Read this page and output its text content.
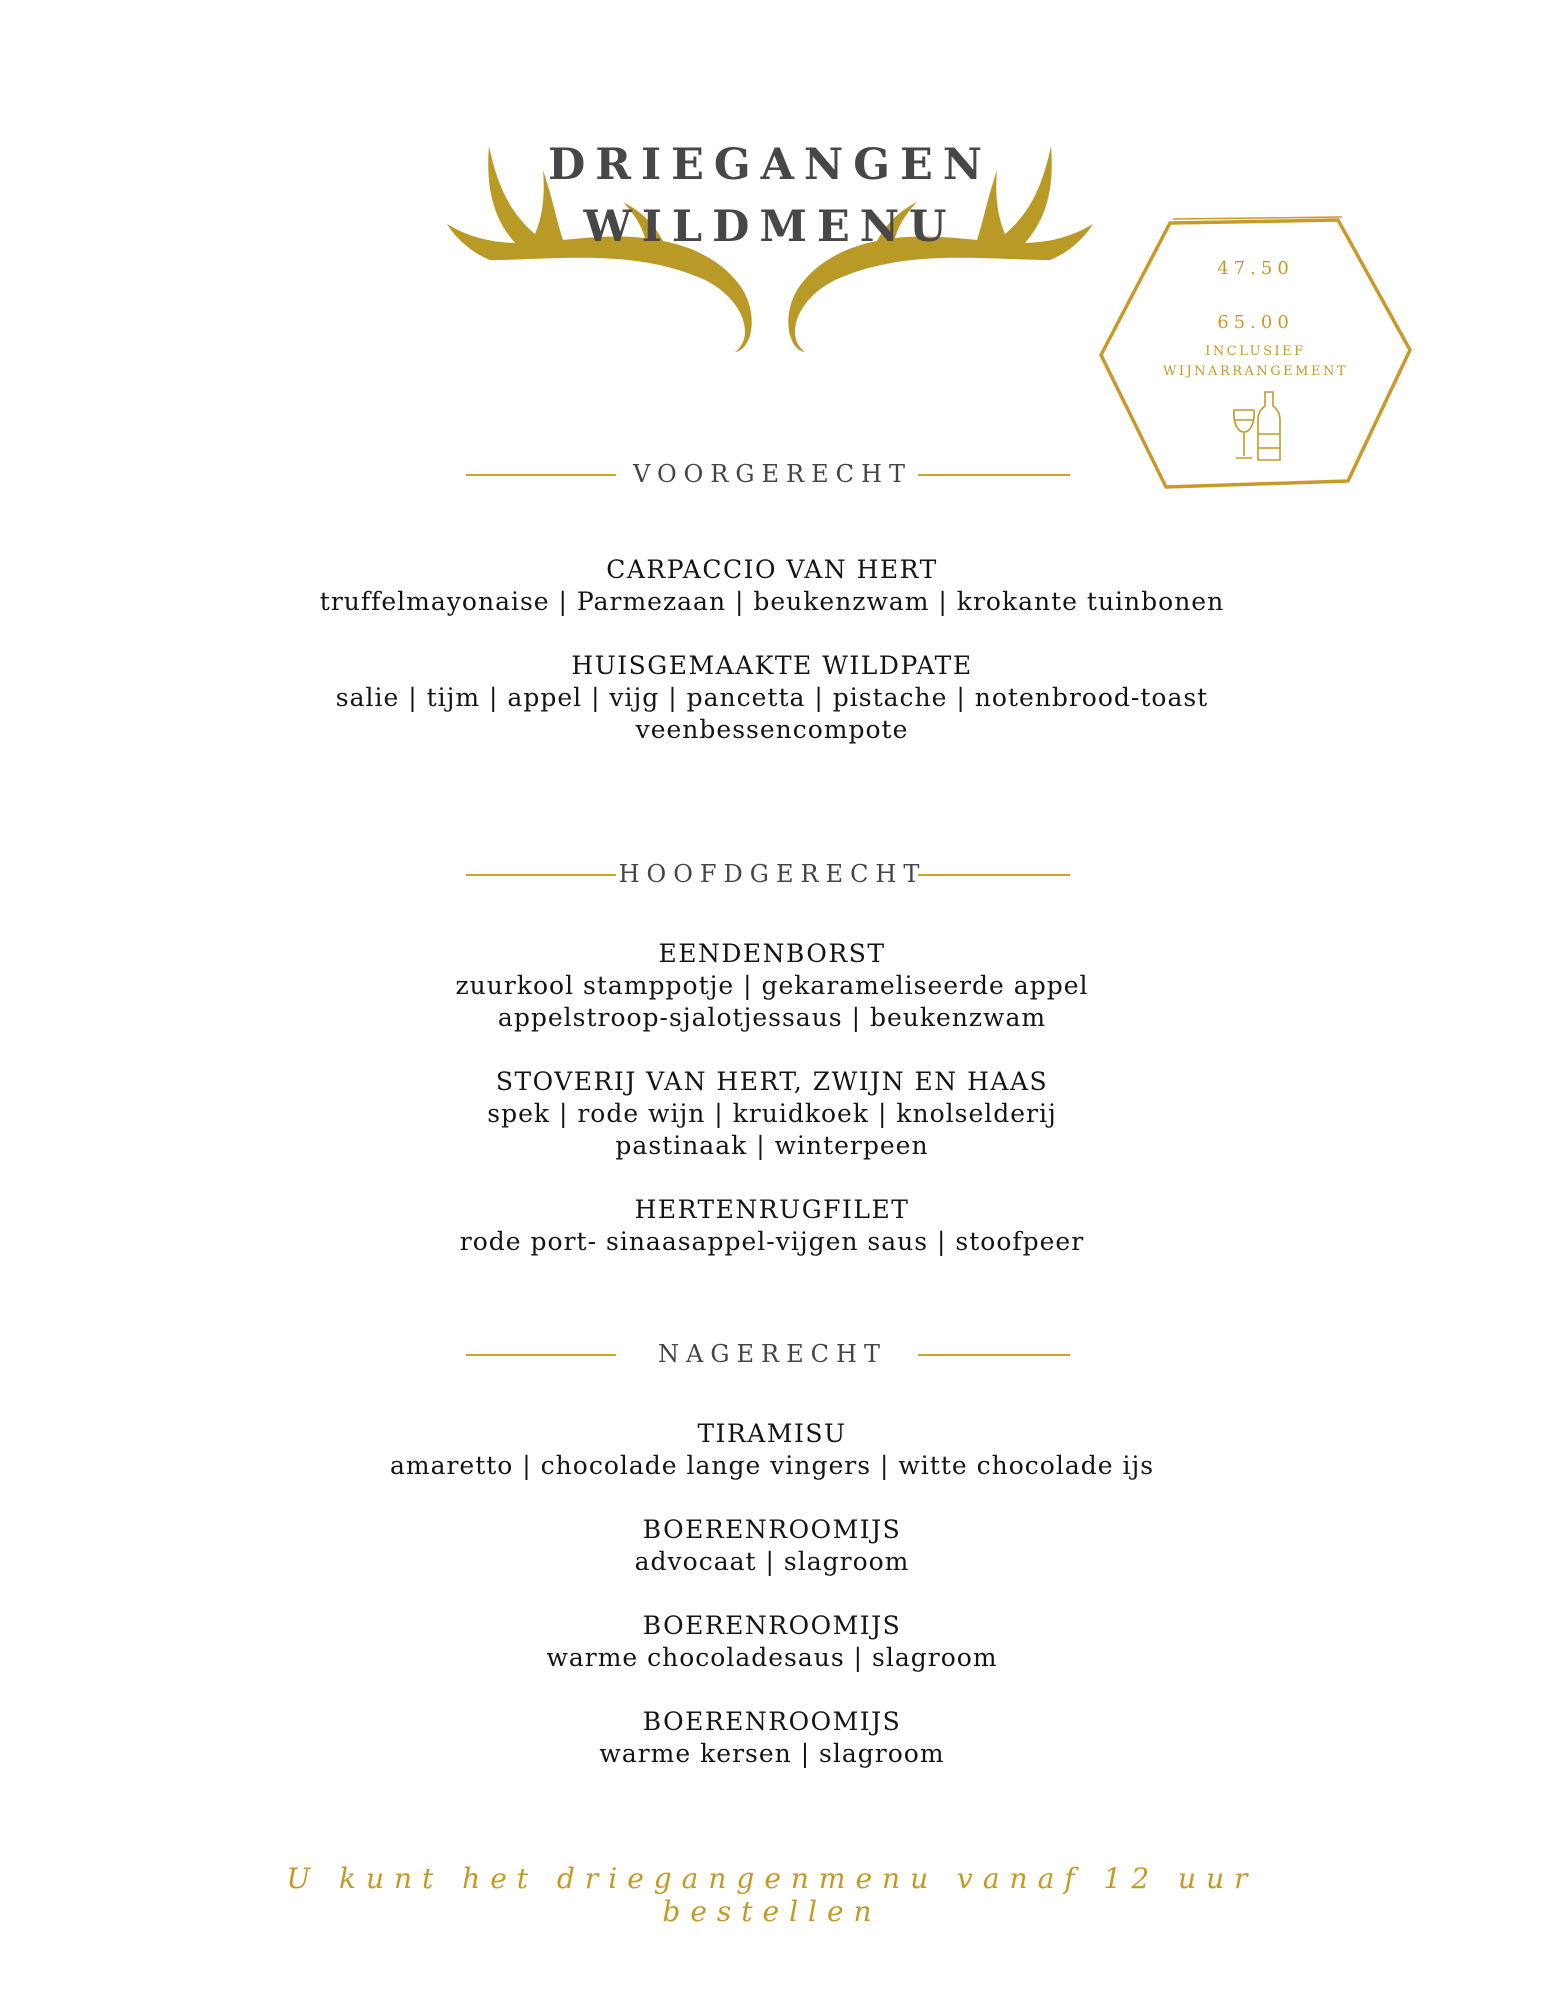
DRIEGANGEN
WILDMENU
47.50
65.00
INCLUSIEF
WIJNARRANGEMENT
VOORGERECHT
CARPACCIO VAN HERT
truffelmayonaise | Parmezaan | beukenzwam | krokante tuinbonen
HUISGEMAAKTE WILDPATE
salie | tijm | appel | vijg | pancetta | pistache | notenbrood-toast
veenbessencompote
HOOFDGERECHT
EENDENBORST
zuurkool stamppotje | gekarameliseerde appel
appelstroop-sjalotjessaus | beukenzwam
STOVERIJ VAN HERT, ZWIJN EN HAAS
spek | rode wijn | kruidkoek | knolselderij
pastinaak | winterpeen
HERTENRUGFILET
rode port- sinaasappel-vijgen saus | stoofpeer
NAGERECHT
TIRAMISU
amaretto | chocolade lange vingers | witte chocolade ijs
BOERENROOMIJS
advocaat | slagroom
BOERENROOMIJS
warme chocoladesaus | slagroom
BOERENROOMIJS
warme kersen | slagroom
U kunt het driegangenmenu vanaf 12 uur bestellen
